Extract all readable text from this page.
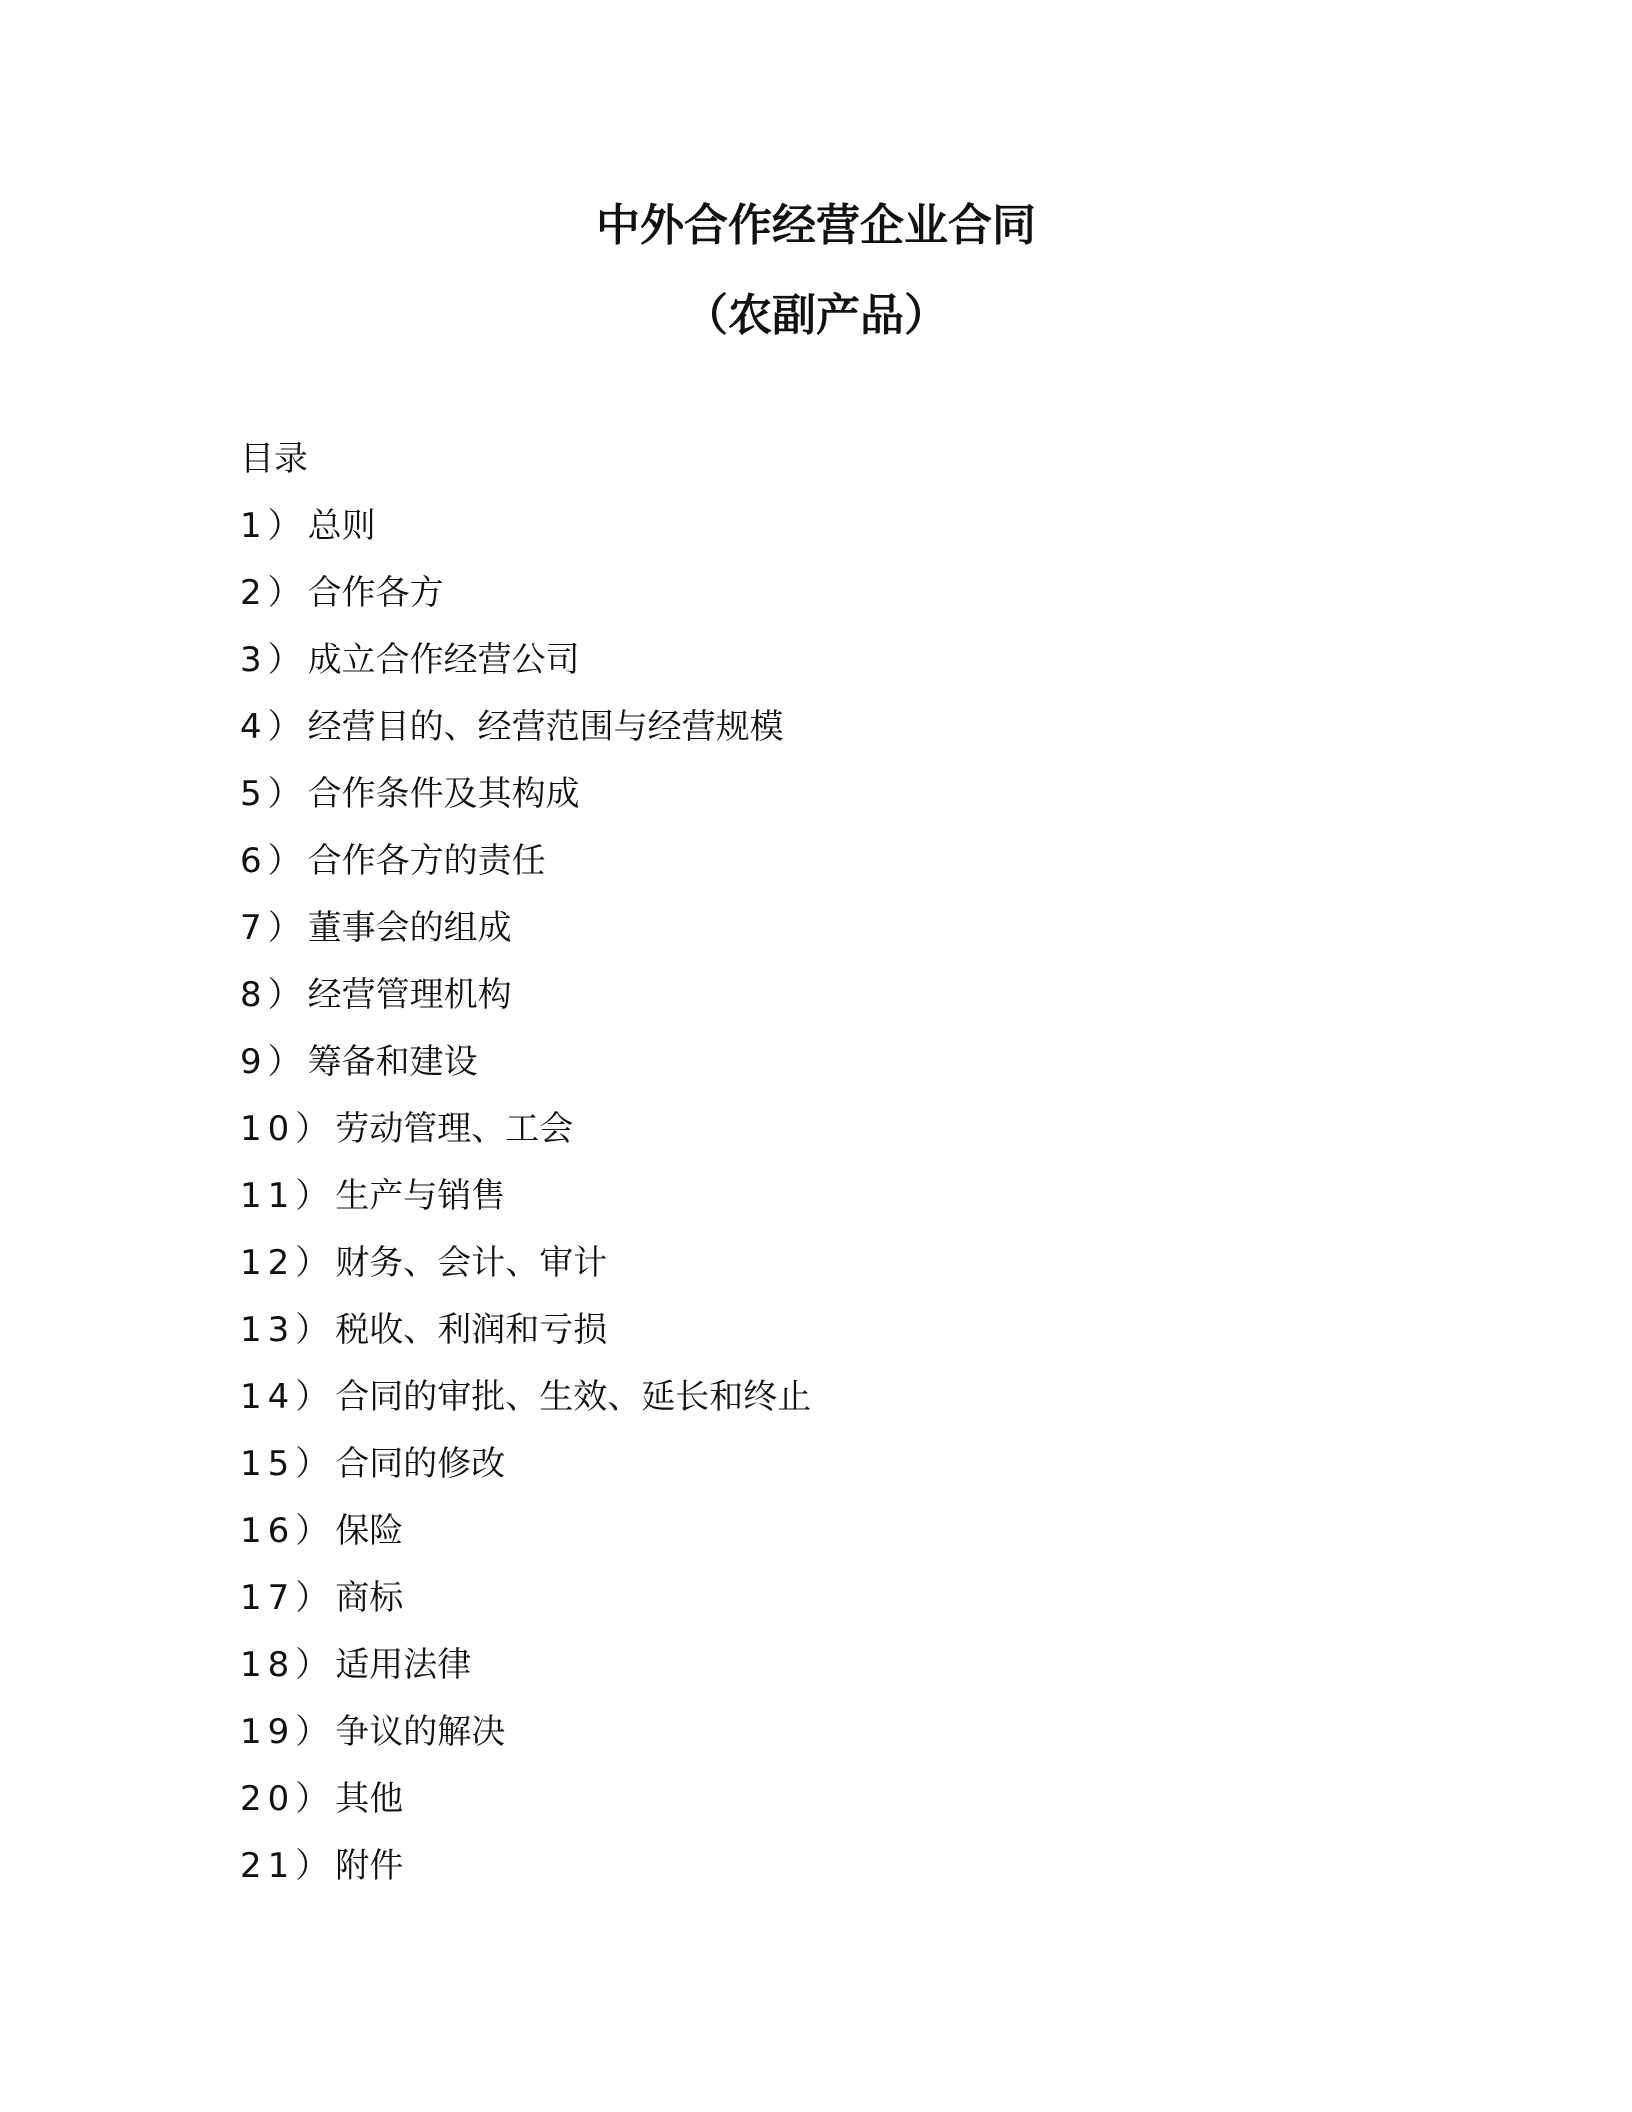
中外合作经营企业合同
（农副产品）
目录
1）总则
2）合作各方
3）成立合作经营公司
4）经营目的、经营范围与经营规模
5）合作条件及其构成
6）合作各方的责任
7）董事会的组成
8）经营管理机构
9）筹备和建设
10）劳动管理、工会
11）生产与销售
12）财务、会计、审计
13）税收、利润和亏损
14）合同的审批、生效、延长和终止
15）合同的修改
16）保险
17）商标
18）适用法律
19）争议的解决
20）其他
21）附件
